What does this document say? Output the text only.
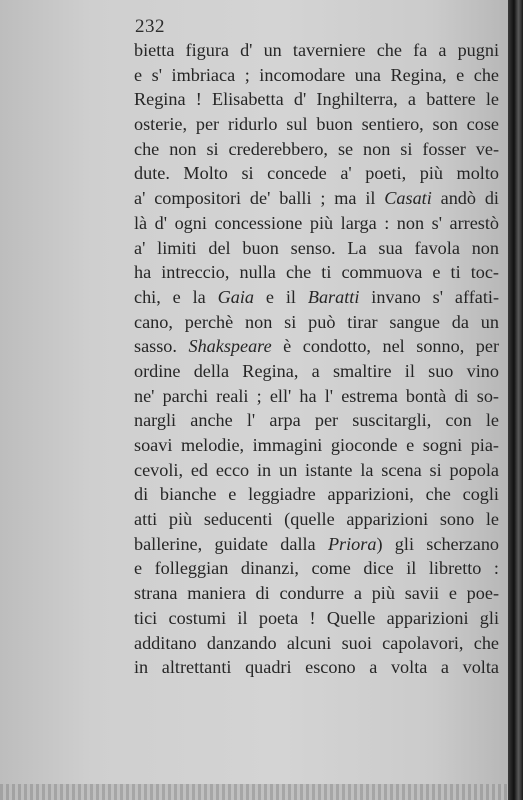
232
bietta figura d' un taverniere che fa a pugni
e s' imbriaca ; incomodare una Regina, e che
Regina ! Elisabetta d' Inghilterra, a battere le
osterie, per ridurlo sul buon sentiero, son cose
che non si crederebbero, se non si fosser ve-
dute. Molto si concede a' poeti, più molto
a' compositori de' balli ; ma il Casati andò di
là d' ogni concessione più larga : non s' arrestò
a' limiti del buon senso. La sua favola non
ha intreccio, nulla che ti commuova e ti toc-
chi, e la Gaia e il Baratti invano s' affati-
cano, perchè non si può tirar sangue da un
sasso. Shakspeare è condotto, nel sonno, per
ordine della Regina, a smaltire il suo vino
ne' parchi reali ; ell' ha l' estrema bontà di so-
nargli anche l' arpa per suscitargli, con le
soavi melodie, immagini gioconde e sogni pia-
cevoli, ed ecco in un istante la scena si popola
di bianche e leggiadre apparizioni, che cogli
atti più seducenti (quelle apparizioni sono le
ballerine, guidate dalla Priora) gli scherzano
e folleggian dinanzi, come dice il libretto :
strana maniera di condurre a più savii e poe-
tici costumi il poeta ! Quelle apparizioni gli
additano danzando alcuni suoi capolavori, che
in altrettanti quadri escono a volta a volta
